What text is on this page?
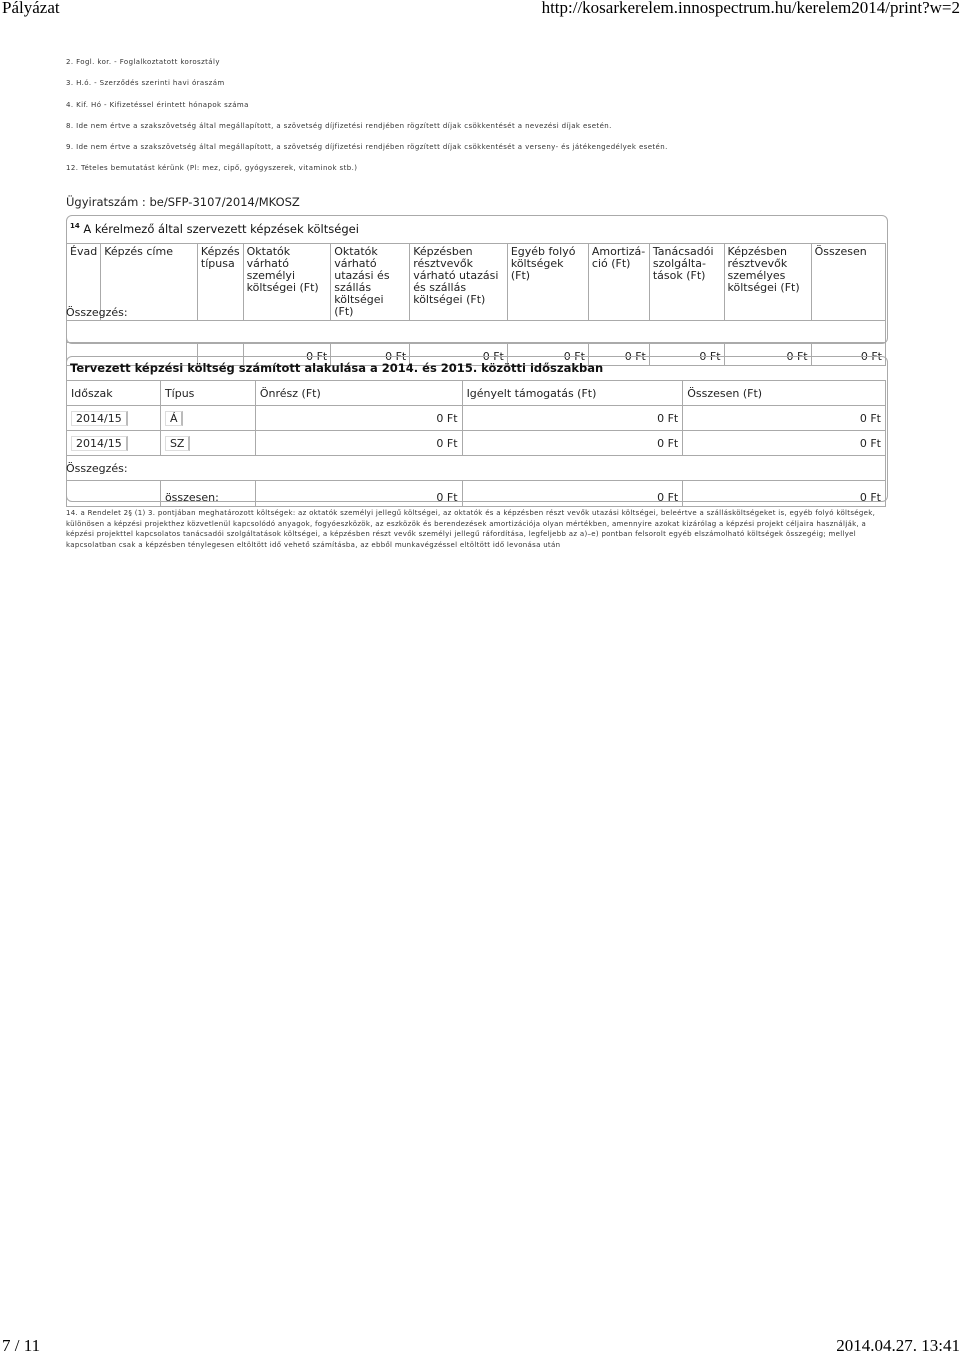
Pályázat	http://kosarkerelem.innospectrum.hu/kerelem2014/print?w=2

2. Fogl. kor. - Foglalkoztatott korosztály

3. H.ó. - Szerződés szerinti havi óraszám

4. Kif. Hó - Kifizetéssel érintett hónapok száma

8. Ide nem értve a szakszövetség által megállapított, a szövetség díjfizetési rendjében rögzített díjak csökkentését a nevezési díjak esetén.

9. Ide nem értve a szakszövetség által megállapított, a szövetség díjfizetési rendjében rögzített díjak csökkentését a verseny- és játékengedélyek esetén.

12. Tételes bemutatást kérünk (Pl: mez, cipő, gyógyszerek, vitaminok stb.)

Ügyiratszám : be/SFP-3107/2014/MKOSZ
$^{14}$ A kérelmező által szervezett képzések költségei
Évad	Képzés címe	Képzés típusa	Oktatók várható személyi költségei (Ft)	Oktatók várható utazási és szállás költségei (Ft)	Képzésben résztvevők várható utazási és szállás költségei (Ft)	Egyéb folyó költségek (Ft)	Amortizá-ció (Ft)	Tanácsadói szolgálta-tások (Ft)	Képzésben résztvevők személyes költségei (Ft)	Összesen

			0 Ft	0 Ft	0 Ft	0 Ft	0 Ft	0 Ft	0 Ft	0 Ft
Összegzés:
Tervezett képzési költség számított alakulása a 2014. és 2015. közötti időszakban
Időszak	Típus	Önrész (Ft)	Igényelt támogatás (Ft)	Összesen (Ft)
2014/15	Á	0 Ft	0 Ft	0 Ft
2014/15	SZ	0 Ft	0 Ft	0 Ft

	összesen:	0 Ft	0 Ft	0 Ft
Összegzés:
14. a Rendelet 2§ (1) 3. pontjában meghatározott költségek: az oktatók személyi jellegű költségei, az oktatók és a képzésben részt vevők utazási költségei, beleértve a szállásköltségeket is, egyéb folyó költségek, különösen a képzési projekthez közvetlenül kapcsolódó anyagok, fogyóeszközök, az eszközök és berendezések amortizációja olyan mértékben, amennyire azokat kizárólag a képzési projekt céljaira használják, a képzési projekttel kapcsolatos tanácsadói szolgáltatások költségei, a képzésben részt vevők személyi jellegű ráfordítása, legfeljebb az a)–e) pontban felsorolt egyéb elszámolható költségek összegéig; mellyel kapcsolatban csak a képzésben ténylegesen eltöltött idő vehető számításba, az ebből munkavégzéssel eltöltött idő levonása után
7 / 11	2014.04.27. 13:41
